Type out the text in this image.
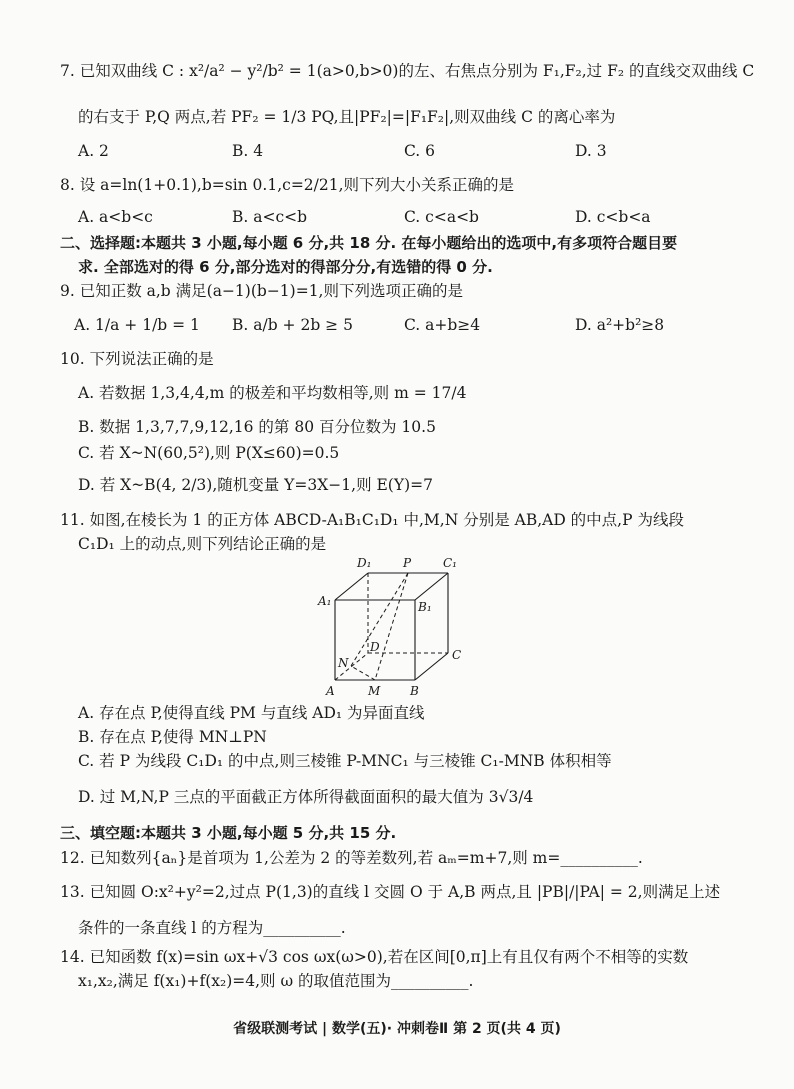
7. 已知双曲线 C : x²/a² − y²/b² = 1(a>0,b>0)的左、右焦点分别为 F₁,F₂,过 F₂ 的直线交双曲线 C
的右支于 P,Q 两点,若 PF₂ = 1/3 PQ,且|PF₂|=|F₁F₂|,则双曲线 C 的离心率为
A. 2	B. 4	C. 6	D. 3
8. 设 a=ln(1+0.1),b=sin 0.1,c=2/21,则下列大小关系正确的是
A. a<b<c	B. a<c<b	C. c<a<b	D. c<b<a
二、选择题:本题共 3 小题,每小题 6 分,共 18 分. 在每小题给出的选项中,有多项符合题目要
求. 全部选对的得 6 分,部分选对的得部分分,有选错的得 0 分.
9. 已知正数 a,b 满足(a−1)(b−1)=1,则下列选项正确的是
A. 1/a + 1/b = 1 B. a/b + 2b ≥ 5	C. a+b≥4	D. a²+b²≥8
10. 下列说法正确的是
A. 若数据 1,3,4,4,m 的极差和平均数相等,则 m = 17/4
B. 数据 1,3,7,7,9,12,16 的第 80 百分位数为 10.5
C. 若 X~N(60,5²),则 P(X≤60)=0.5
D. 若 X~B(4, 2/3),随机变量 Y=3X−1,则 E(Y)=7
11. 如图,在棱长为 1 的正方体 ABCD-A₁B₁C₁D₁ 中,M,N 分别是 AB,AD 的中点,P 为线段
C₁D₁ 上的动点,则下列结论正确的是
D₁	P	C₁
A₁	B₁
D
C
N
A	M B
A. 存在点 P,使得直线 PM 与直线 AD₁ 为异面直线
B. 存在点 P,使得 MN⊥PN
C. 若 P 为线段 C₁D₁ 的中点,则三棱锥 P-MNC₁ 与三棱锥 C₁-MNB 体积相等
D. 过 M,N,P 三点的平面截正方体所得截面面积的最大值为 3√3/4
三、填空题:本题共 3 小题,每小题 5 分,共 15 分.
12. 已知数列{aₙ}是首项为 1,公差为 2 的等差数列,若 aₘ=m+7,则 m=__________.
13. 已知圆 O:x²+y²=2,过点 P(1,3)的直线 l 交圆 O 于 A,B 两点,且 |PB|/|PA| = 2,则满足上述
条件的一条直线 l 的方程为__________.
14. 已知函数 f(x)=sin ωx+√3 cos ωx(ω>0),若在区间[0,π]上有且仅有两个不相等的实数
x₁,x₂,满足 f(x₁)+f(x₂)=4,则 ω 的取值范围为__________.
省级联测考试 | 数学(五)· 冲刺卷Ⅱ 第 2 页(共 4 页)
